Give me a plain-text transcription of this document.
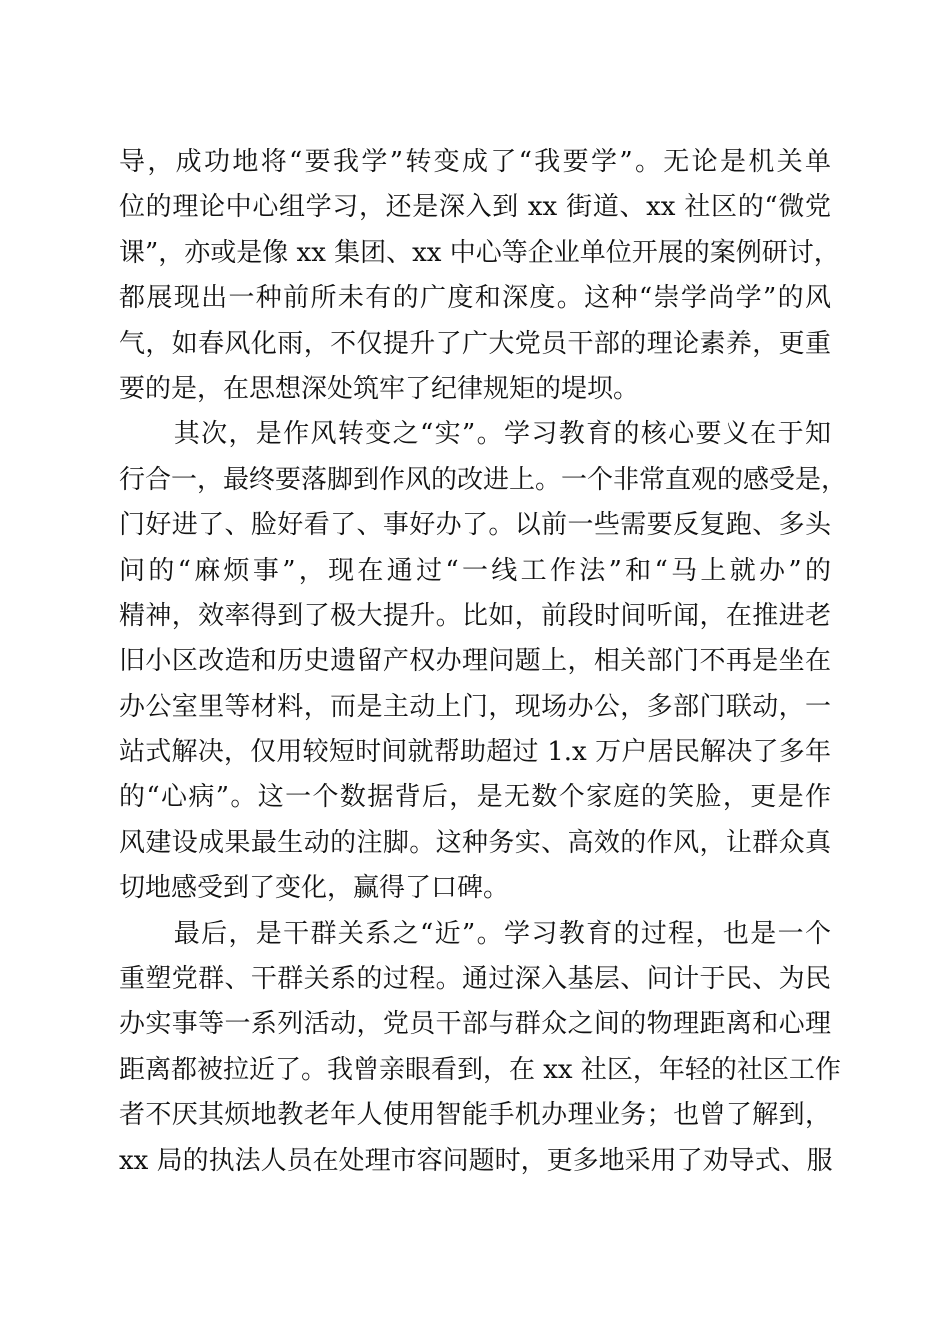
导，成功地将“要我学”转变成了“我要学”。无论是机关单
位的理论中心组学习，还是深入到 xx 街道、xx 社区的“微党
课”，亦或是像 xx 集团、xx 中心等企业单位开展的案例研讨，
都展现出一种前所未有的广度和深度。这种“崇学尚学”的风
气，如春风化雨，不仅提升了广大党员干部的理论素养，更重
要的是，在思想深处筑牢了纪律规矩的堤坝。
　　其次，是作风转变之“实”。学习教育的核心要义在于知
行合一，最终要落脚到作风的改进上。一个非常直观的感受是，
门好进了、脸好看了、事好办了。以前一些需要反复跑、多头
问的“麻烦事”，现在通过“一线工作法”和“马上就办”的
精神，效率得到了极大提升。比如，前段时间听闻，在推进老
旧小区改造和历史遗留产权办理问题上，相关部门不再是坐在
办公室里等材料，而是主动上门，现场办公，多部门联动，一
站式解决，仅用较短时间就帮助超过 1.x 万户居民解决了多年
的“心病”。这一个数据背后，是无数个家庭的笑脸，更是作
风建设成果最生动的注脚。这种务实、高效的作风，让群众真
切地感受到了变化，赢得了口碑。
　　最后，是干群关系之“近”。学习教育的过程，也是一个
重塑党群、干群关系的过程。通过深入基层、问计于民、为民
办实事等一系列活动，党员干部与群众之间的物理距离和心理
距离都被拉近了。我曾亲眼看到，在 xx 社区，年轻的社区工作
者不厌其烦地教老年人使用智能手机办理业务；也曾了解到，
xx 局的执法人员在处理市容问题时，更多地采用了劝导式、服
